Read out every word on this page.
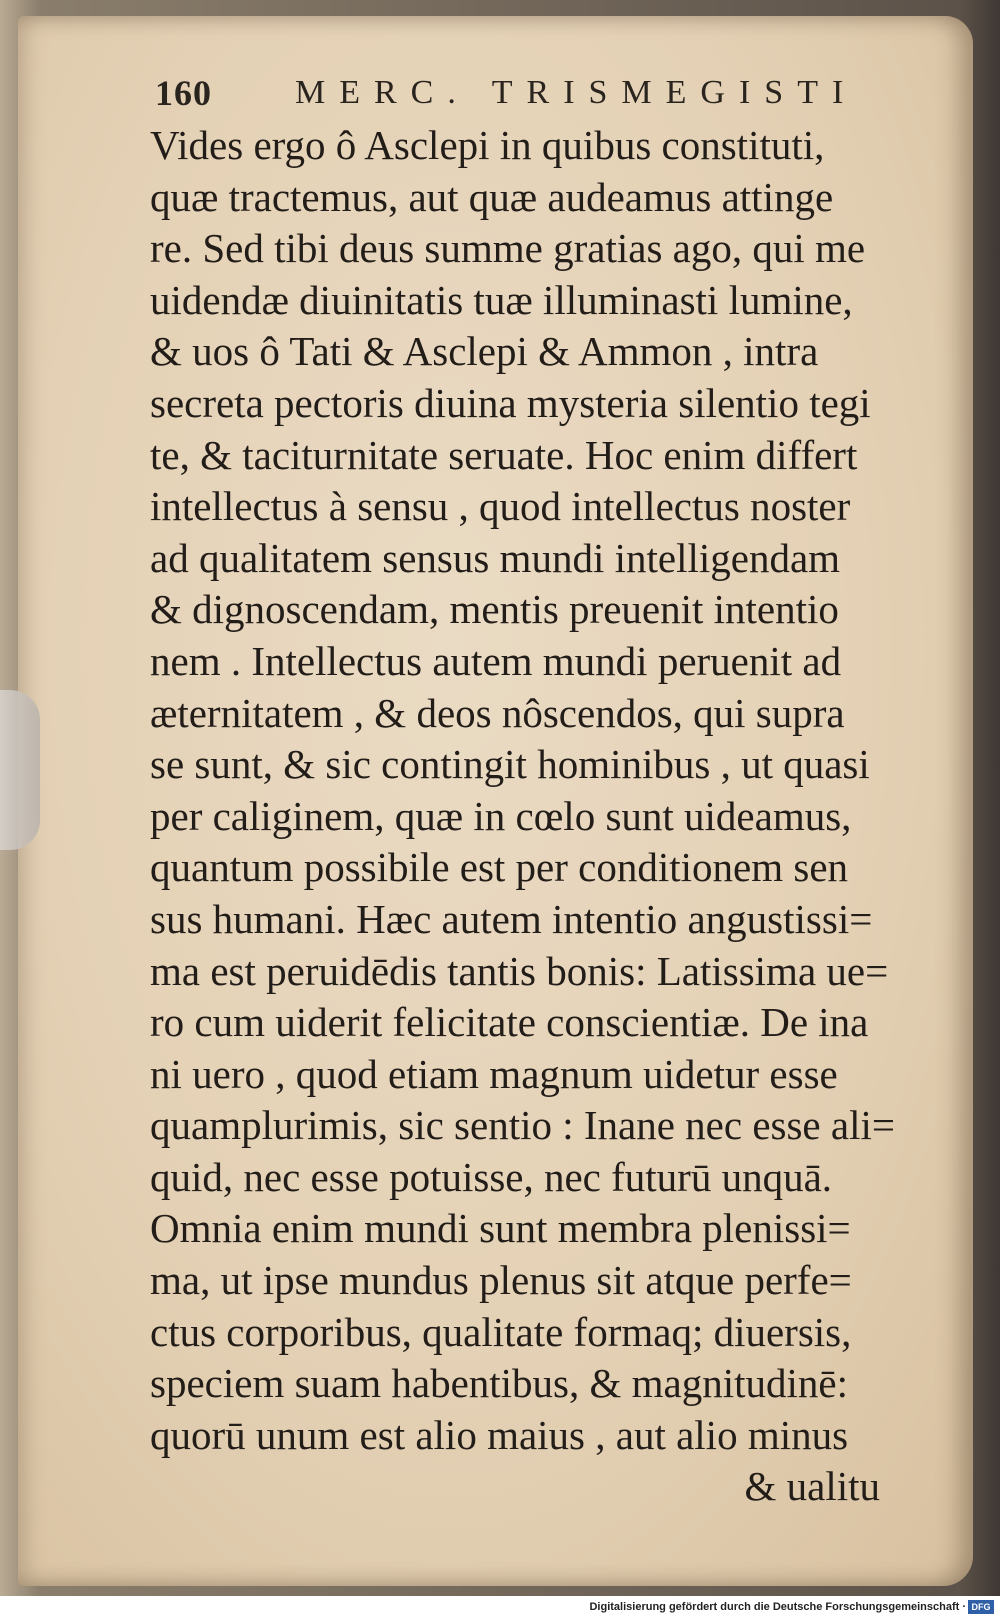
160 MERC. TRISMEGISTI
Vides ergo ô Asclepi in quibus constituti,
quæ tractemus, aut quæ audeamus attinge
re. Sed tibi deus summe gratias ago, qui me
uidendæ diuinitatis tuæ illuminasti lumine,
& uos ô Tati & Asclepi & Ammon , intra
secreta pectoris diuina mysteria silentio tegi
te, & taciturnitate seruate. Hoc enim differt
intellectus à sensu , quod intellectus noster
ad qualitatem sensus mundi intelligendam
& dignoscendam, mentis preuenit intentio
nem . Intellectus autem mundi peruenit ad
æternitatem , & deos nôscendos, qui supra
se sunt, & sic contingit hominibus , ut quasi
per caliginem, quæ in cœlo sunt uideamus,
quantum possibile est per conditionem sen
sus humani. Hæc autem intentio angustissi=
ma est peruidēdis tantis bonis: Latissima ue=
ro cum uiderit felicitate conscientiæ. De ina
ni uero , quod etiam magnum uidetur esse
quamplurimis, sic sentio : Inane nec esse ali=
quid, nec esse potuisse, nec futurū unquā.
Omnia enim mundi sunt membra plenissi=
ma, ut ipse mundus plenus sit atque perfe=
ctus corporibus, qualitate formaq; diuersis,
speciem suam habentibus, & magnitudinē:
quorū unum est alio maius , aut alio minus
& ualitu
Digitalisierung gefördert durch die Deutsche Forschungsgemeinschaft · DFG
